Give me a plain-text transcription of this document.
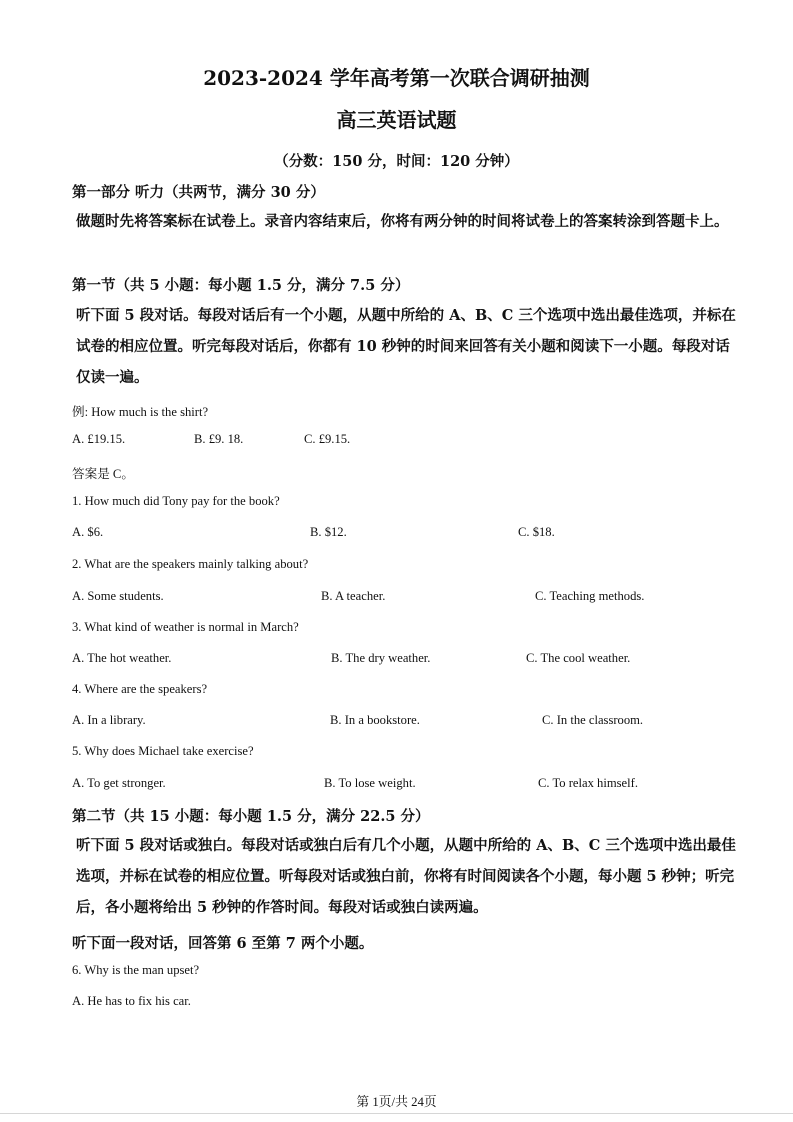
2023-2024 学年高考第一次联合调研抽测
高三英语试题
（分数：150 分，时间：120 分钟）
第一部分 听力（共两节，满分 30 分）
做题时先将答案标在试卷上。录音内容结束后，你将有两分钟的时间将试卷上的答案转涂到答题卡上。
第一节（共 5 小题：每小题 1.5 分，满分 7.5 分）
听下面 5 段对话。每段对话后有一个小题，从题中所给的 A、B、C 三个选项中选出最佳选项，并标在试卷的相应位置。听完每段对话后，你都有 10 秒钟的时间来回答有关小题和阅读下一小题。每段对话仅读一遍。
例: How much is the shirt?
A. £19.15.	B. £9. 18.	C. £9.15.
答案是 C。
1. How much did Tony pay for the book?
A. $6.	B. $12.	C. $18.
2. What are the speakers mainly talking about?
A. Some students.	B. A teacher.	C. Teaching methods.
3. What kind of weather is normal in March?
A. The hot weather.	B. The dry weather.	C. The cool weather.
4. Where are the speakers?
A. In a library.	B. In a bookstore.	C. In the classroom.
5. Why does Michael take exercise?
A. To get stronger.	B. To lose weight.	C. To relax himself.
第二节（共 15 小题：每小题 1.5 分，满分 22.5 分）
听下面 5 段对话或独白。每段对话或独白后有几个小题，从题中所给的 A、B、C 三个选项中选出最佳选项，并标在试卷的相应位置。听每段对话或独白前，你将有时间阅读各个小题，每小题 5 秒钟；听完后，各小题将给出 5 秒钟的作答时间。每段对话或独白读两遍。
听下面一段对话，回答第 6 至第 7 两个小题。
6. Why is the man upset?
A. He has to fix his car.
第 1页/共 24页
